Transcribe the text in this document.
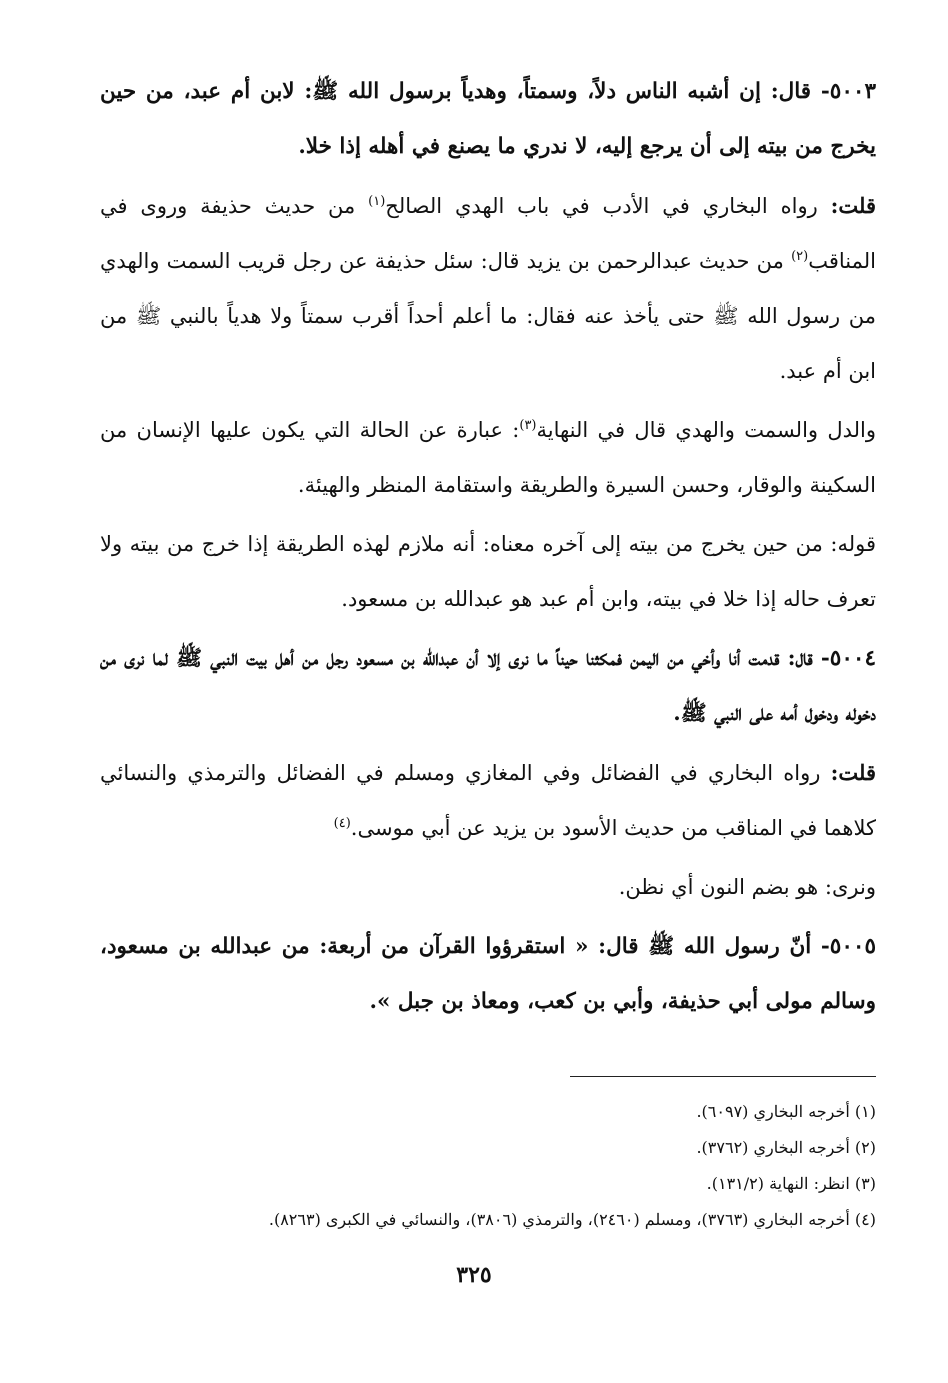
٥٠٠٣- قال: إن أشبه الناس دلاً، وسمتاً، وهدياً برسول الله ﷺ: لابن أم عبد، من حين يخرج من بيته إلى أن يرجع إليه، لا ندري ما يصنع في أهله إذا خلا.

قلت: رواه البخاري في الأدب في باب الهدي الصالح$^{(١)}$ من حديث حذيفة وروى في المناقب$^{(٢)}$ من حديث عبدالرحمن بن يزيد قال: سئل حذيفة عن رجل قريب السمت والهدي من رسول الله ﷺ حتى يأخذ عنه فقال: ما أعلم أحداً أقرب سمتاً ولا هدياً بالنبي ﷺ من ابن أم عبد.

والدل والسمت والهدي قال في النهاية$^{(٣)}$: عبارة عن الحالة التي يكون عليها الإنسان من السكينة والوقار، وحسن السيرة والطريقة واستقامة المنظر والهيئة.

قوله: من حين يخرج من بيته إلى آخره معناه: أنه ملازم لهذه الطريقة إذا خرج من بيته ولا تعرف حاله إذا خلا في بيته، وابن أم عبد هو عبدالله بن مسعود.

٥٠٠٤- قال: قدمت أنا وأخي من اليمن فمكثنا حيناً ما نرى إلا أن عبدالله بن مسعود رجل من أهل بيت النبي ﷺ لما نرى من دخوله ودخول أمه على النبي ﷺ.

قلت: رواه البخاري في الفضائل وفي المغازي ومسلم في الفضائل والترمذي والنسائي كلاهما في المناقب من حديث الأسود بن يزيد عن أبي موسى.$^{(٤)}$

ونرى: هو بضم النون أي نظن.

٥٠٠٥- أنّ رسول الله ﷺ قال: « استقرؤوا القرآن من أربعة: من عبدالله بن مسعود، وسالم مولى أبي حذيفة، وأبي بن كعب، ومعاذ بن جبل ».

(١) أخرجه البخاري (٦٠٩٧).

(٢) أخرجه البخاري (٣٧٦٢).

(٣) انظر: النهاية (١٣١/٢).

(٤) أخرجه البخاري (٣٧٦٣)، ومسلم (٢٤٦٠)، والترمذي (٣٨٠٦)، والنسائي في الكبرى (٨٢٦٣).

٣٢٥
